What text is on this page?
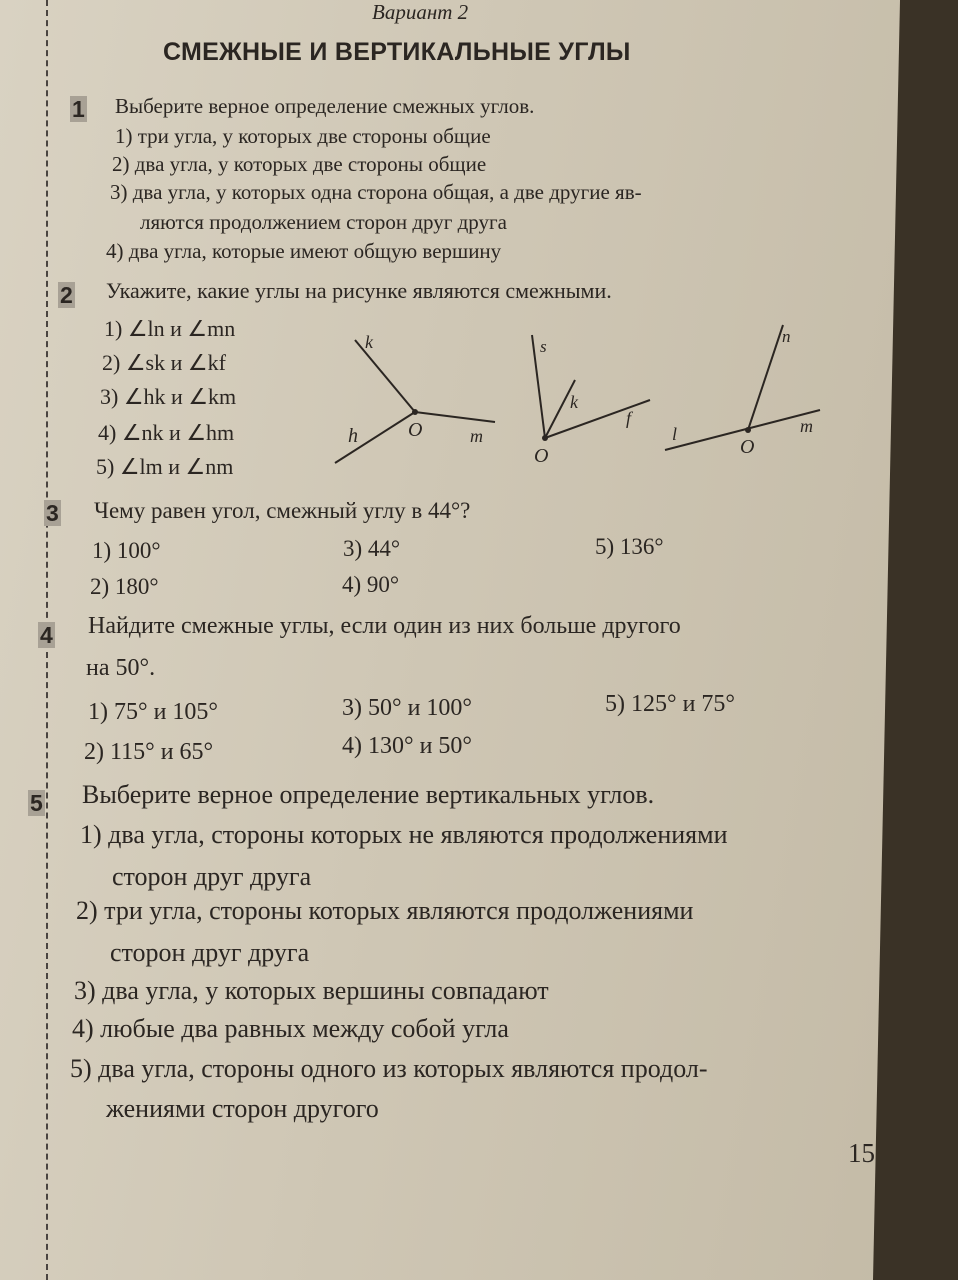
Вариант 2
СМЕЖНЫЕ И ВЕРТИКАЛЬНЫЕ УГЛЫ
1 Выберите верное определение смежных углов.
1) три угла, у которых две стороны общие
2) два угла, у которых две стороны общие
3) два угла, у которых одна сторона общая, а две другие яв-
ляются продолжением сторон друг друга
4) два угла, которые имеют общую вершину
2 Укажите, какие углы на рисунке являются смежными.
1) ∠ln и ∠mn
2) ∠sk и ∠kf
3) ∠hk и ∠km
4) ∠nk и ∠hm
5) ∠lm и ∠nm
k
h	O	m
s
k
f
O
n
l
O
m
3 Чему равен угол, смежный углу в 44°?
1) 100°	3) 44°	5) 136°
2) 180°	4) 90°
4 Найдите смежные углы, если один из них больше другого
на 50°.
1) 75° и 105°	3) 50° и 100°	5) 125° и 75°
2) 115° и 65°	4) 130° и 50°
5 Выберите верное определение вертикальных углов.
1) два угла, стороны которых не являются продолжениями
сторон друг друга
2) три угла, стороны которых являются продолжениями
сторон друг друга
3) два угла, у которых вершины совпадают
4) любые два равных между собой угла
5) два угла, стороны одного из которых являются продол-
жениями сторон другого
15
